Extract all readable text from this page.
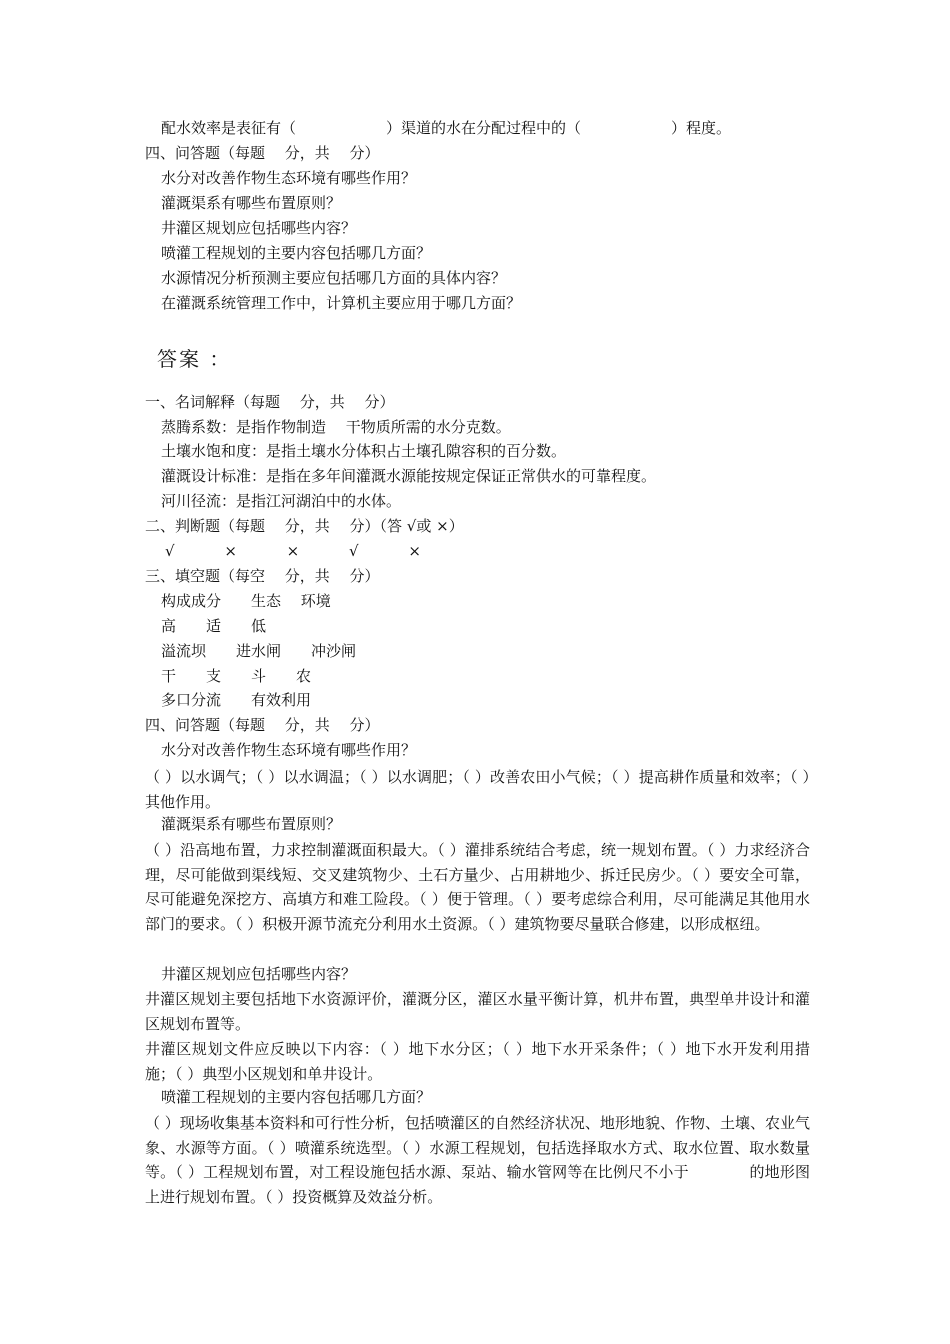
配水效率是表征有（　　　　　　）渠道的水在分配过程中的（　　　　　　）程度。
四、问答题（每题　 分，共　 分）
水分对改善作物生态环境有哪些作用？
灌溉渠系有哪些布置原则？
井灌区规划应包括哪些内容？
喷灌工程规划的主要内容包括哪几方面？
水源情况分析预测主要应包括哪几方面的具体内容？
在灌溉系统管理工作中，计算机主要应用于哪几方面？
答案 ：
一、名词解释（每题　 分，共　 分）
蒸腾系数：是指作物制造　 干物质所需的水分克数。
土壤水饱和度：是指土壤水分体积占土壤孔隙容积的百分数。
灌溉设计标准：是指在多年间灌溉水源能按规定保证正常供水的可靠程度。
河川径流：是指江河湖泊中的水体。
二、判断题（每题　 分，共　 分）（答 √或 ×）
√　　　 ×　　　 ×　　　 √　　　 ×
三、填空题（每空　 分，共　 分）
构成成分　　生态　 环境
高　　适　　低
溢流坝　　进水闸　　冲沙闸
干　　支　　斗　　农
多口分流　　有效利用
四、问答题（每题　 分，共　 分）
水分对改善作物生态环境有哪些作用？
（ ）以水调气；（ ）以水调温；（ ）以水调肥；（ ）改善农田小气候；（ ）提高耕作质量和效率；（ ）其他作用。
灌溉渠系有哪些布置原则？
（ ）沿高地布置，力求控制灌溉面积最大。（ ）灌排系统结合考虑，统一规划布置。（ ）力求经济合理，尽可能做到渠线短、交叉建筑物少、土石方量少、占用耕地少、拆迁民房少。（ ）要安全可靠，尽可能避免深挖方、高填方和难工险段。（ ）便于管理。（ ）要考虑综合利用，尽可能满足其他用水部门的要求。（ ）积极开源节流充分利用水土资源。（ ）建筑物要尽量联合修建，以形成枢纽。
井灌区规划应包括哪些内容？
井灌区规划主要包括地下水资源评价，灌溉分区，灌区水量平衡计算，机井布置，典型单井设计和灌区规划布置等。
井灌区规划文件应反映以下内容：（ ）地下水分区；（ ）地下水开采条件；（ ）地下水开发利用措施；（ ）典型小区规划和单井设计。
喷灌工程规划的主要内容包括哪几方面？
（ ）现场收集基本资料和可行性分析，包括喷灌区的自然经济状况、地形地貌、作物、土壤、农业气象、水源等方面。（ ）喷灌系统选型。（ ）水源工程规划，包括选择取水方式、取水位置、取水数量等。（ ）工程规划布置，对工程设施包括水源、泵站、输水管网等在比例尺不小于　　　　的地形图上进行规划布置。（ ）投资概算及效益分析。
